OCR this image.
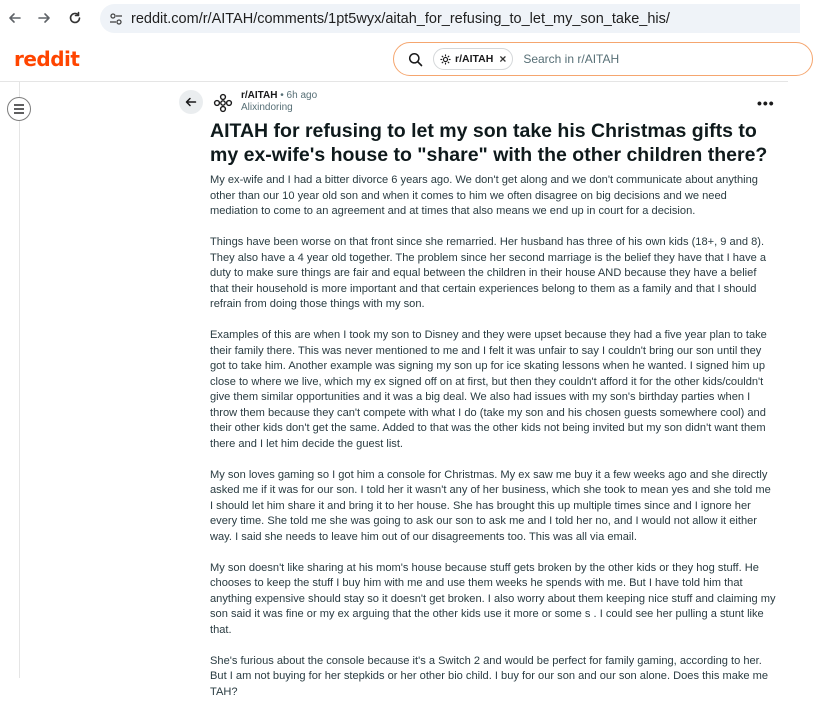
reddit.com/r/AITAH/comments/1pt5wyx/aitah_for_refusing_to_let_my_son_take_his/
reddit	r/AITAH × Search in r/AITAH
r/AITAH • 6h ago
Alixindoring	•••
AITAH for refusing to let my son take his Christmas gifts to my ex-wife's house to "share" with the other children there?

My ex-wife and I had a bitter divorce 6 years ago. We don't get along and we don't communicate about anything other than our 10 year old son and when it comes to him we often disagree on big decisions and we need mediation to come to an agreement and at times that also means we end up in court for a decision.

Things have been worse on that front since she remarried. Her husband has three of his own kids (18+, 9 and 8). They also have a 4 year old together. The problem since her second marriage is the belief they have that I have a duty to make sure things are fair and equal between the children in their house AND because they have a belief that their household is more important and that certain experiences belong to them as a family and that I should refrain from doing those things with my son.

Examples of this are when I took my son to Disney and they were upset because they had a five year plan to take their family there. This was never mentioned to me and I felt it was unfair to say I couldn't bring our son until they got to take him. Another example was signing my son up for ice skating lessons when he wanted. I signed him up close to where we live, which my ex signed off on at first, but then they couldn't afford it for the other kids/couldn't give them similar opportunities and it was a big deal. We also had issues with my son's birthday parties when I throw them because they can't compete with what I do (take my son and his chosen guests somewhere cool) and their other kids don't get the same. Added to that was the other kids not being invited but my son didn't want them there and I let him decide the guest list.

My son loves gaming so I got him a console for Christmas. My ex saw me buy it a few weeks ago and she directly asked me if it was for our son. I told her it wasn't any of her business, which she took to mean yes and she told me I should let him share it and bring it to her house. She has brought this up multiple times since and I ignore her every time. She told me she was going to ask our son to ask me and I told her no, and I would not allow it either way. I said she needs to leave him out of our disagreements too. This was all via email.

My son doesn't like sharing at his mom's house because stuff gets broken by the other kids or they hog stuff. He chooses to keep the stuff I buy him with me and use them weeks he spends with me. But I have told him that anything expensive should stay so it doesn't get broken. I also worry about them keeping nice stuff and claiming my son said it was fine or my ex arguing that the other kids use it more or some s . I could see her pulling a stunt like that.

She's furious about the console because it's a Switch 2 and would be perfect for family gaming, according to her. But I am not buying for her stepkids or her other bio child. I buy for our son and our son alone. Does this make me TAH?
